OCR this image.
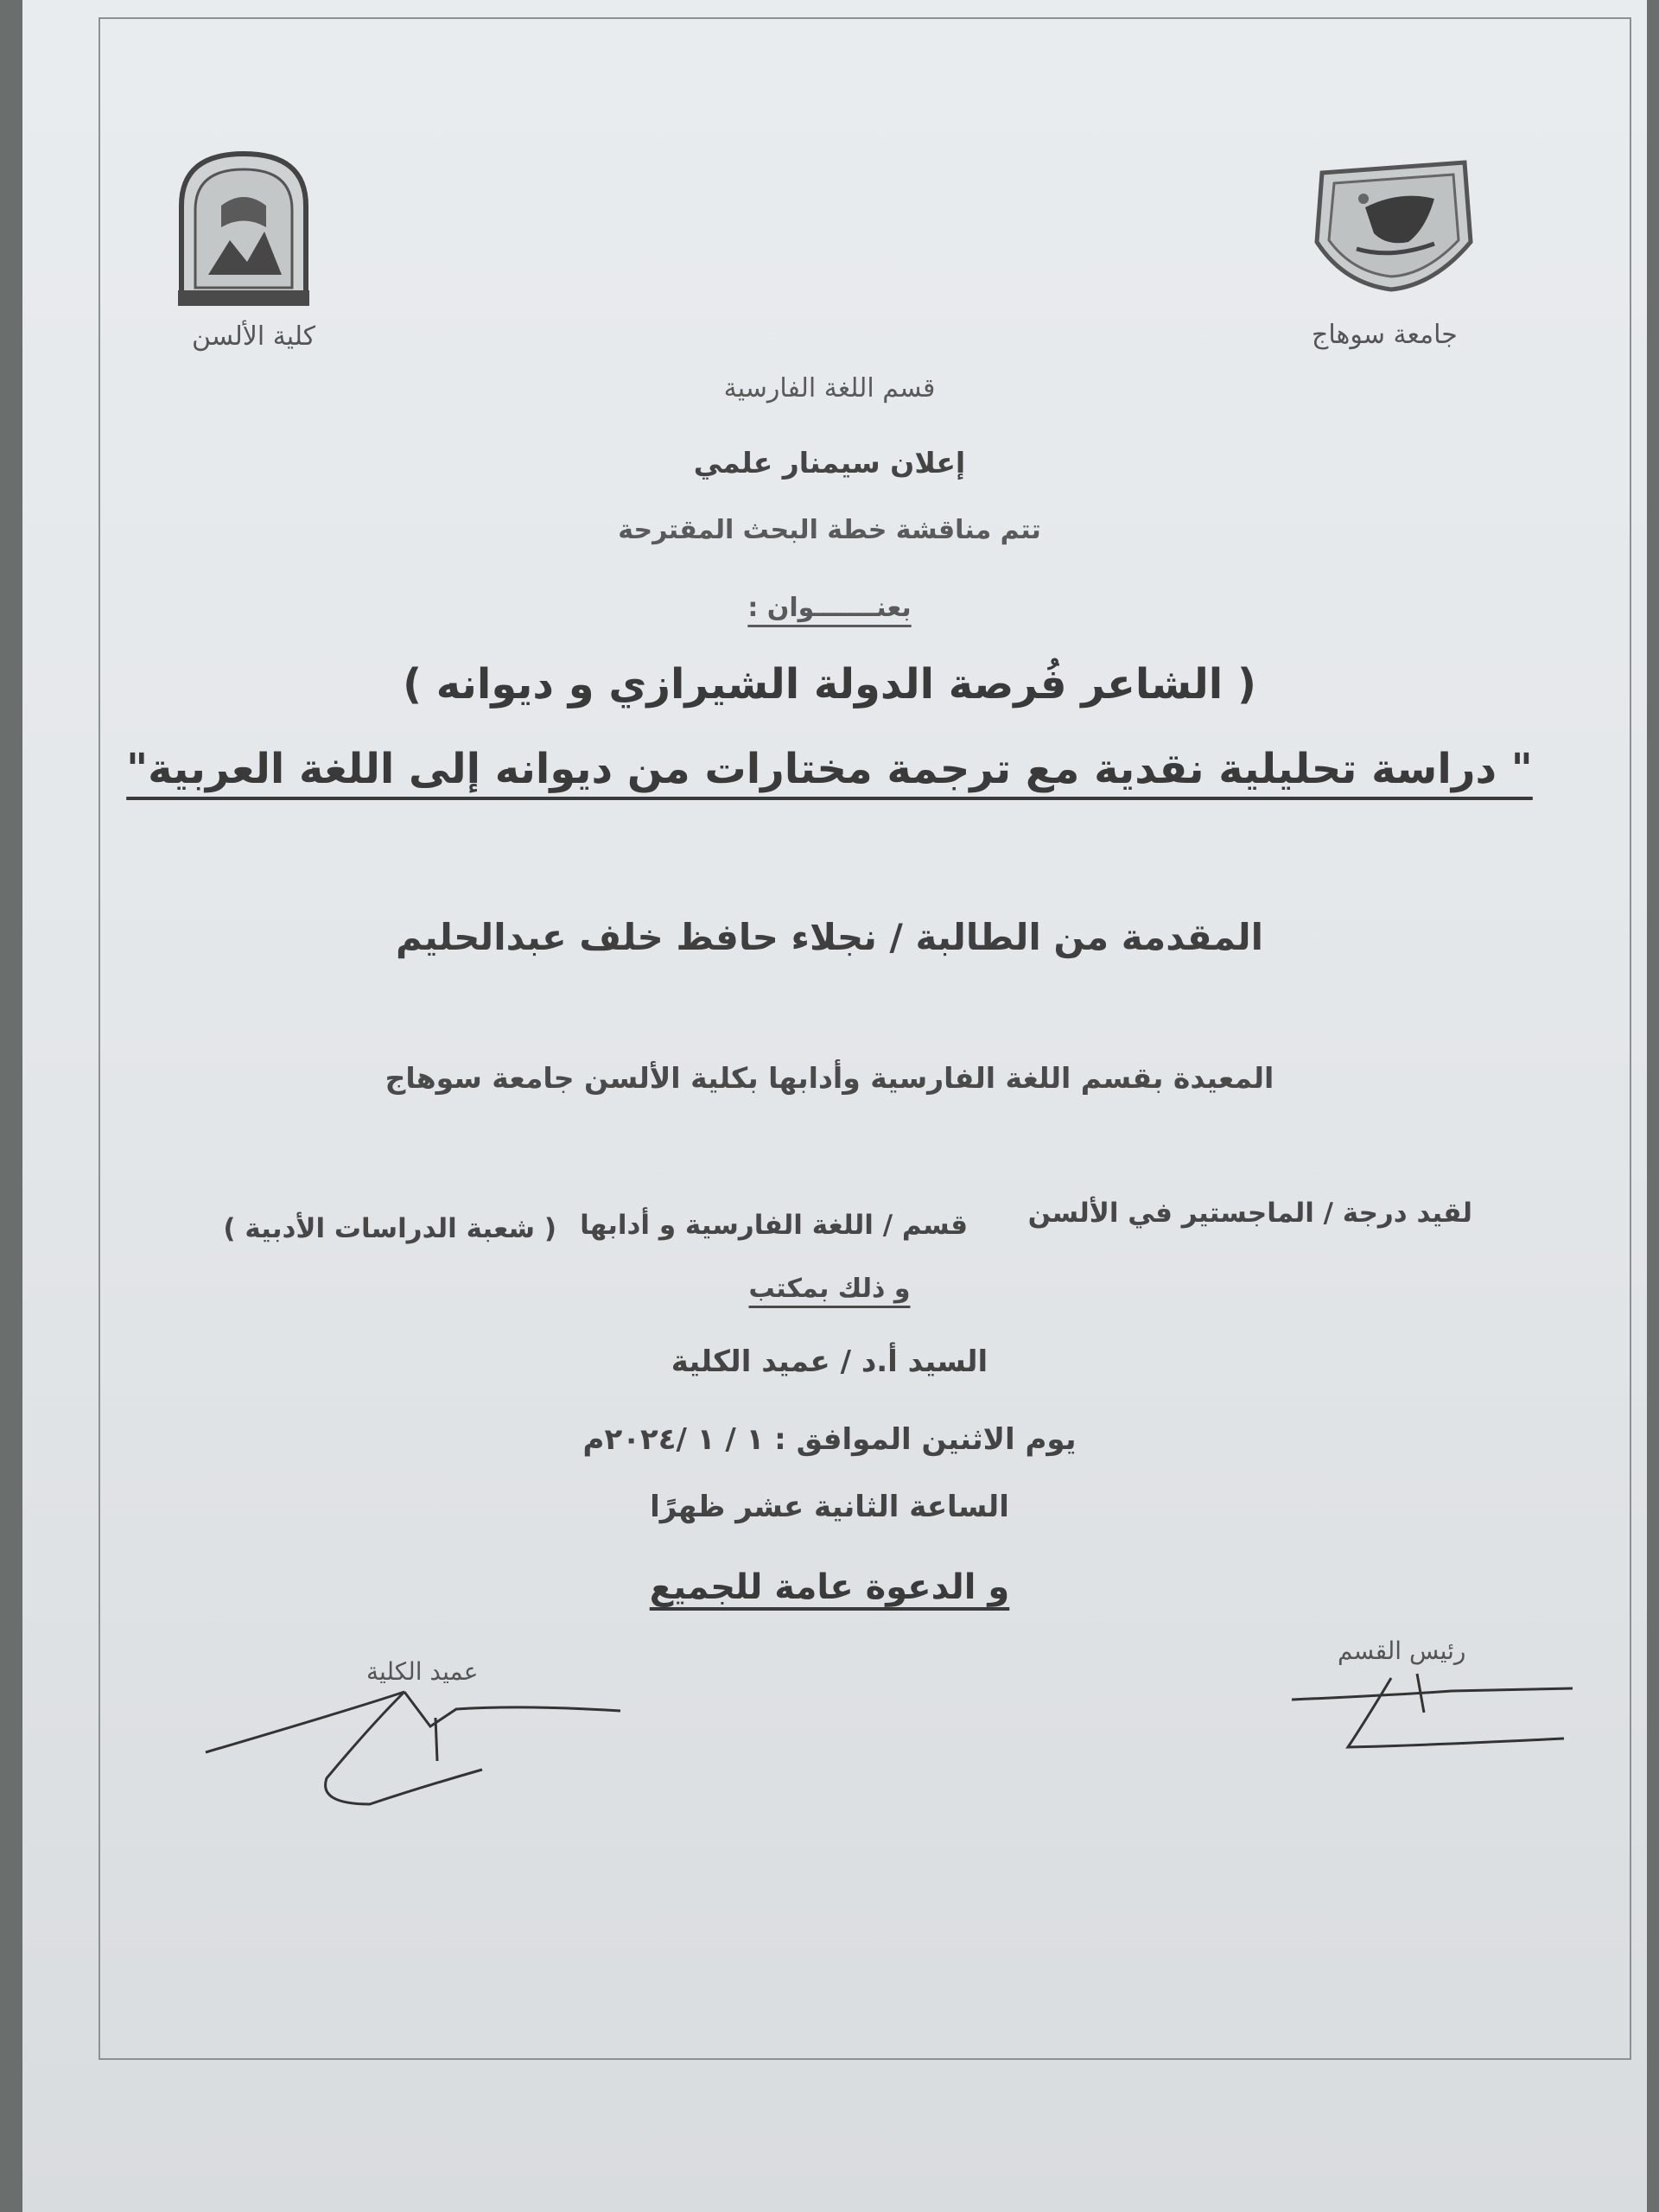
جامعة سوهاج
كلية الألسن
قسم اللغة الفارسية
إعلان سيمنار علمي
تتم مناقشة خطة البحث المقترحة
بعنـــــــوان :
( الشاعر فُرصة الدولة الشيرازي و ديوانه )
" دراسة تحليلية نقدية مع ترجمة مختارات من ديوانه إلى اللغة العربية"
المقدمة من الطالبة / نجلاء حافظ خلف عبدالحليم
المعيدة بقسم اللغة الفارسية وأدابها بكلية الألسن جامعة سوهاج
لقيد درجة / الماجستير في الألسن
قسم / اللغة الفارسية و أدابها
( شعبة الدراسات الأدبية )
و ذلك بمكتب
السيد أ.د / عميد الكلية
يوم الاثنين الموافق : ١ / ١ /٢٠٢٤م
الساعة الثانية عشر ظهرًا
و الدعوة عامة للجميع
عميد الكلية
رئيس القسم
